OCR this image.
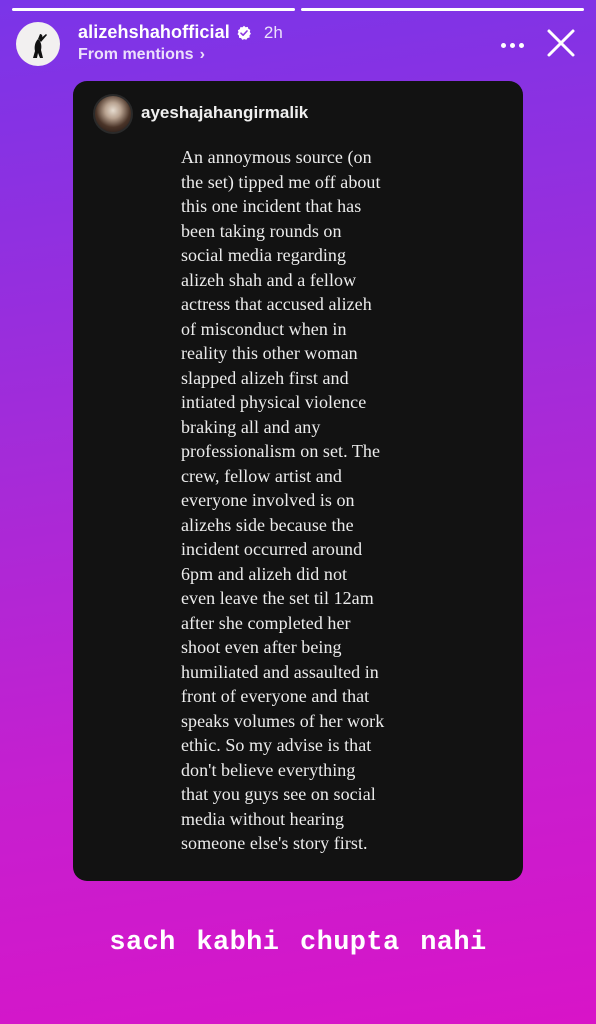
alizehshahofficial 2h
From mentions ›
ayeshajahangirmalik
An annoymous source (on
the set) tipped me off about
this one incident that has
been taking rounds on
social media regarding
alizeh shah and a fellow
actress that accused alizeh
of misconduct when in
reality this other woman
slapped alizeh first and
intiated physical violence
braking all and any
professionalism on set. The
crew, fellow artist and
everyone involved is on
alizehs side because the
incident occurred around
6pm and alizeh did not
even leave the set til 12am
after she completed her
shoot even after being
humiliated and assaulted in
front of everyone and that
speaks volumes of her work
ethic. So my advise is that
don't believe everything
that you guys see on social
media without hearing
someone else's story first.
sach kabhi chupta nahi
